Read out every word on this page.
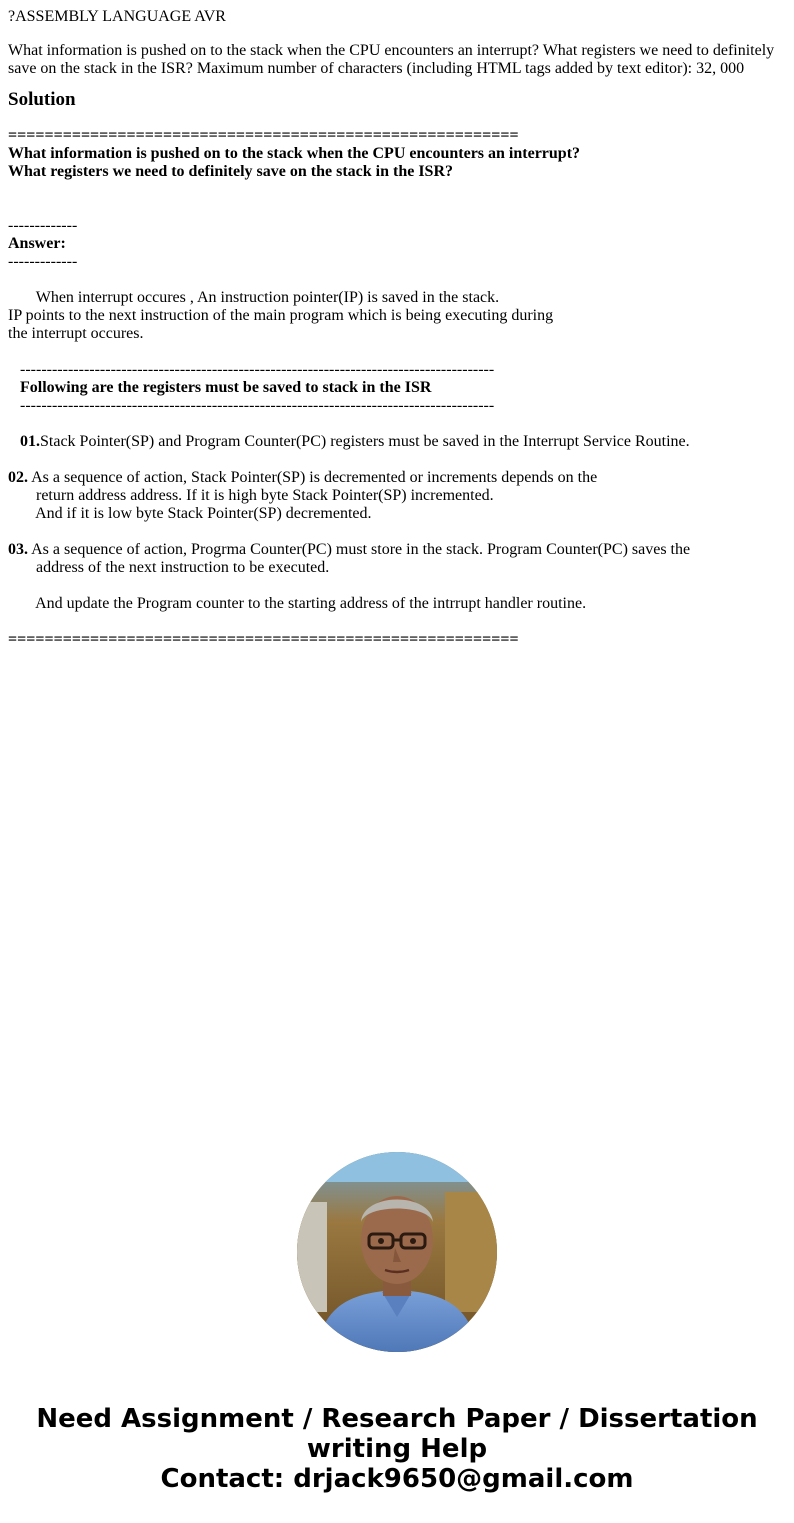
?ASSEMBLY LANGUAGE AVR
What information is pushed on to the stack when the CPU encounters an interrupt? What registers we need to definitely save on the stack in the ISR? Maximum number of characters (including HTML tags added by text editor): 32, 000
Solution
========================================================
What information is pushed on to the stack when the CPU encounters an interrupt?
What registers we need to definitely save on the stack in the ISR?

-------------
Answer:
-------------

When interrupt occures , An instruction pointer(IP) is saved in the stack.
IP points to the next instruction of the main program which is being executing during
the interrupt occures.

-----------------------------------------------------------------------------------------
Following are the registers must be saved to stack in the ISR
-----------------------------------------------------------------------------------------

01.Stack Pointer(SP) and Program Counter(PC) registers must be saved in the Interrupt Service Routine.

02. As a sequence of action, Stack Pointer(SP) is decremented or increments depends on the
return address address. If it is high byte Stack Pointer(SP) incremented.
And if it is low byte Stack Pointer(SP) decremented.

03. As a sequence of action, Progrma Counter(PC) must store in the stack. Program Counter(PC) saves the
address of the next instruction to be executed.

And update the Program counter to the starting address of the intrrupt handler routine.

========================================================
Need Assignment / Research Paper / Dissertation
writing Help
Contact: drjack9650@gmail.com
